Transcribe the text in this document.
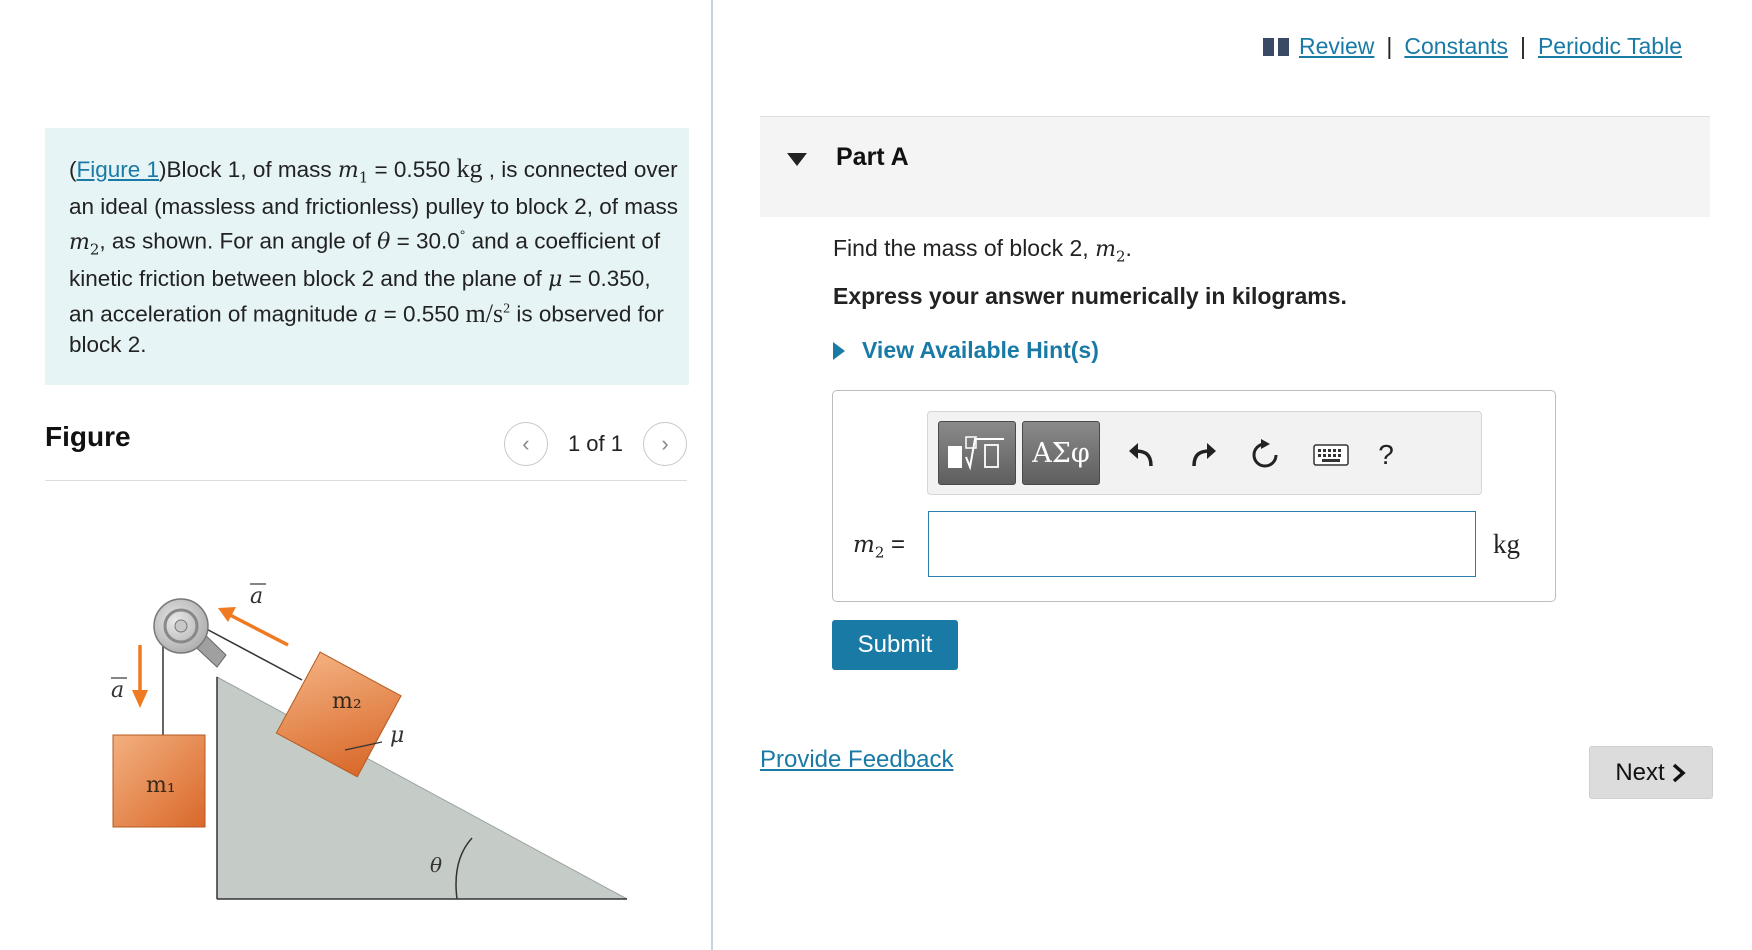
(Figure 1)Block 1, of mass $m_1 = 0.550$ kg , is connected over an ideal (massless and frictionless) pulley to block 2, of mass $m_2$, as shown. For an angle of θ = 30.0° and a coefficient of kinetic friction between block 2 and the plane of μ = 0.350, an acceleration of magnitude a = 0.550 $m/s^2$ is observed for block 2.
Figure	‹ 1 of 1 ›
m₁
m₂
a
a
μ
θ
Review | Constants | Periodic Table
Part A
Find the mass of block 2, $m_2$.
Express your answer numerically in kilograms.
View Available Hint(s)
ΑΣφ	?
$m_2$ =	kg
Submit
Provide Feedback	Next
